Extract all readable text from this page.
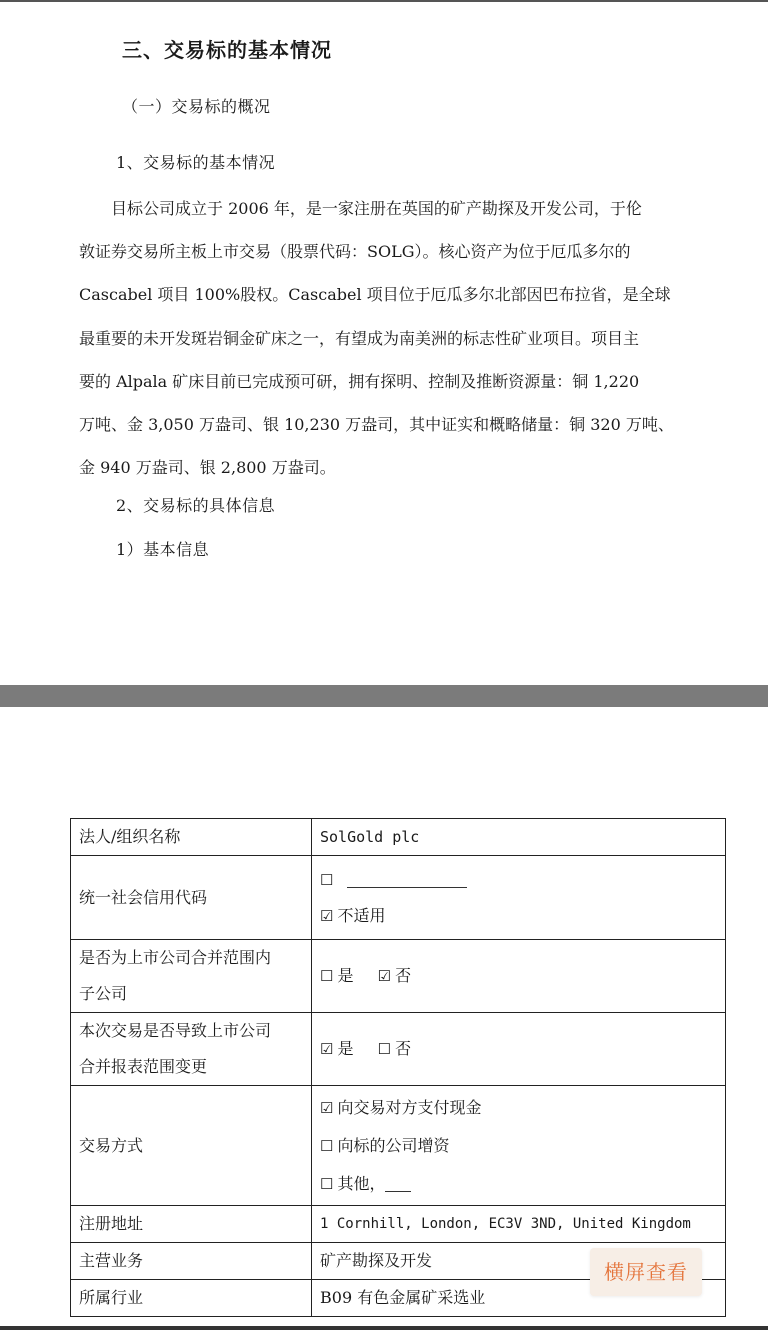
三、交易标的基本情况
（一）交易标的概况
1、交易标的基本情况
　　目标公司成立于 2006 年，是一家注册在英国的矿产勘探及开发公司，于伦
敦证券交易所主板上市交易（股票代码：SOLG）。核心资产为位于厄瓜多尔的
Cascabel 项目 100%股权。Cascabel 项目位于厄瓜多尔北部因巴布拉省，是全球
最重要的未开发斑岩铜金矿床之一，有望成为南美洲的标志性矿业项目。项目主
要的 Alpala 矿床目前已完成预可研，拥有探明、控制及推断资源量：铜 1,220
万吨、金 3,050 万盎司、银 10,230 万盎司，其中证实和概略储量：铜 320 万吨、
金 940 万盎司、银 2,800 万盎司。
2、交易标的具体信息
1）基本信息
法人/组织名称	SolGold plc
统一社会信用代码	☐
☑ 不适用

是否为上市公司合并范围内
子公司	☐ 是 ☑ 否

本次交易是否导致上市公司
合并报表范围变更	☑ 是 ☐ 否
交易方式	☑ 向交易对方支付现金
☐ 向标的公司增资
☐ 其他，

注册地址	1 Cornhill, London, EC3V 3ND, United Kingdom
主营业务	矿产勘探及开发
所属行业	B09 有色金属矿采选业
横屏查看
